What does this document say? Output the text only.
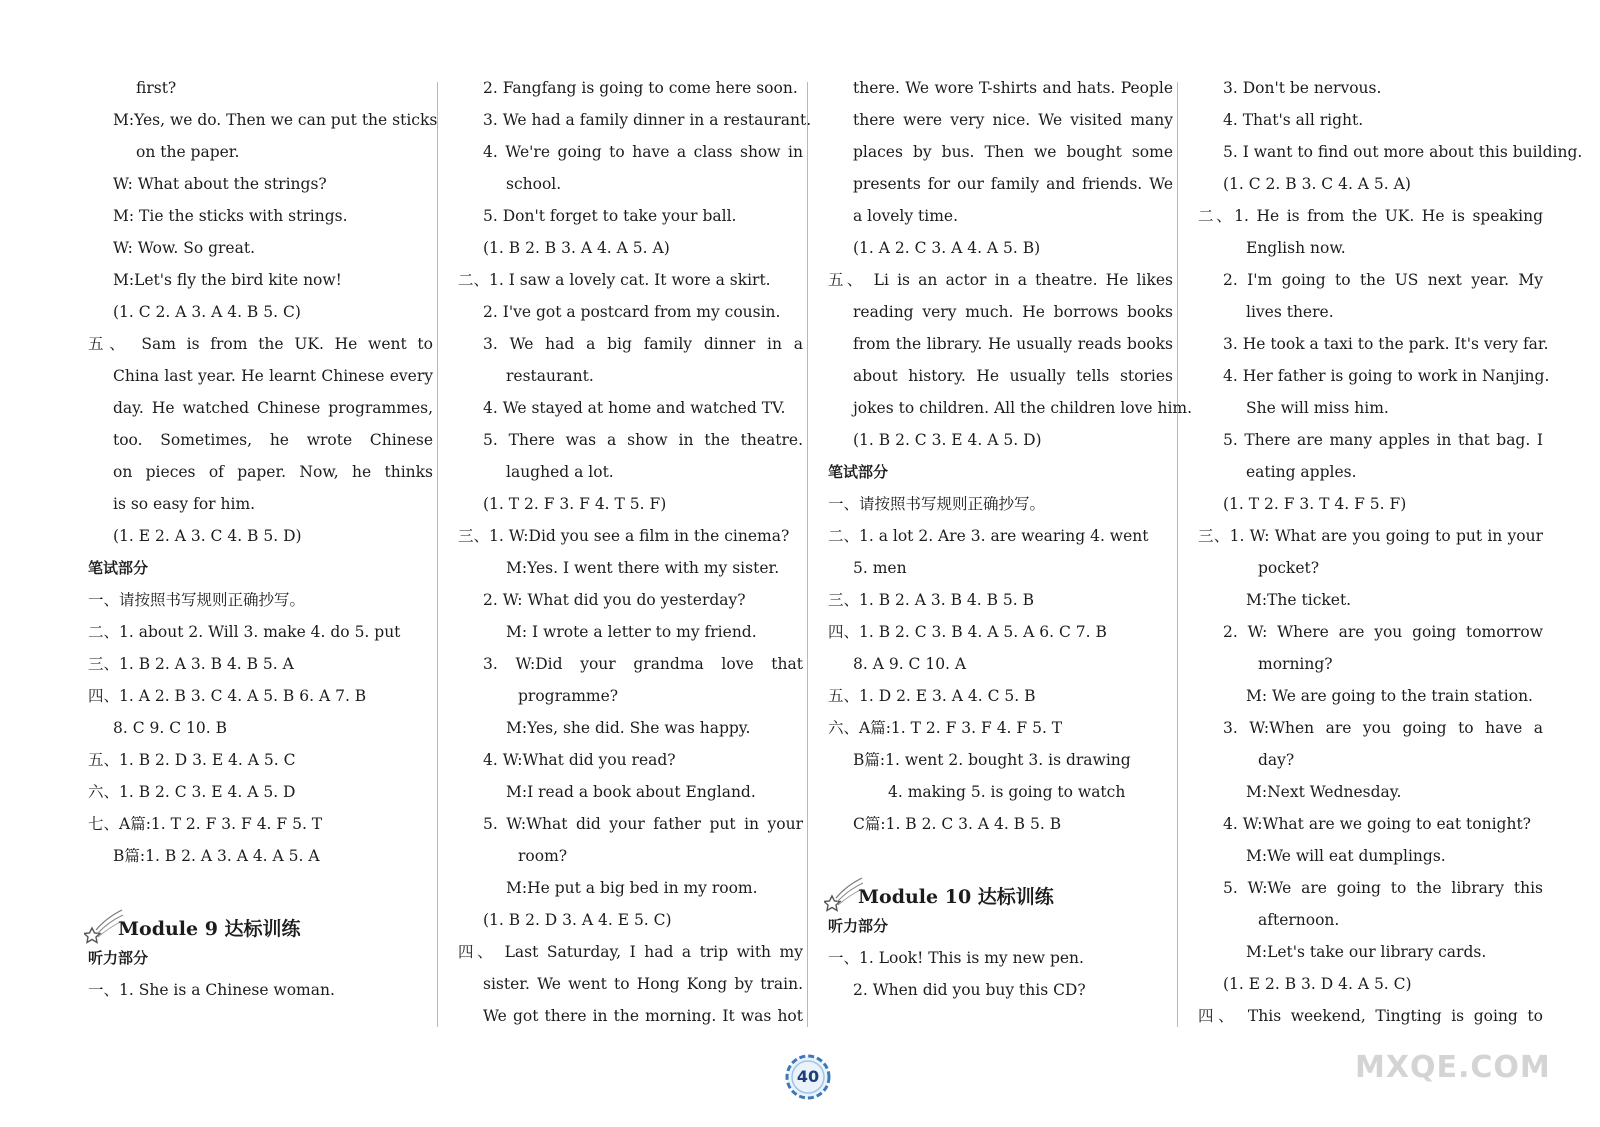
first?
M:Yes, we do. Then we can put the sticks
on the paper.
W: What about the strings?
M: Tie the sticks with strings.
W: Wow. So great.
M:Let's fly the bird kite now!
(1. C 2. A 3. A 4. B 5. C)
五、 Sam is from the UK. He went to
China last year. He learnt Chinese every
day. He watched Chinese programmes,
too. Sometimes, he wrote Chinese
on pieces of paper. Now, he thinks
is so easy for him.
(1. E 2. A 3. C 4. B 5. D)
笔试部分
一、请按照书写规则正确抄写。
二、1. about 2. Will 3. make 4. do 5. put
三、1. B 2. A 3. B 4. B 5. A
四、1. A 2. B 3. C 4. A 5. B 6. A 7. B
8. C 9. C 10. B
五、1. B 2. D 3. E 4. A 5. C
六、1. B 2. C 3. E 4. A 5. D
七、A篇:1. T 2. F 3. F 4. F 5. T
B篇:1. B 2. A 3. A 4. A 5. A
Module 9 达标训练
听力部分
一、1. She is a Chinese woman.
2. Fangfang is going to come here soon.
3. We had a family dinner in a restaurant.
4. We're going to have a class show in
school.
5. Don't forget to take your ball.
(1. B 2. B 3. A 4. A 5. A)
二、1. I saw a lovely cat. It wore a skirt.
2. I've got a postcard from my cousin.
3. We had a big family dinner in a
restaurant.
4. We stayed at home and watched TV.
5. There was a show in the theatre.
laughed a lot.
(1. T 2. F 3. F 4. T 5. F)
三、1. W:Did you see a film in the cinema?
M:Yes. I went there with my sister.
2. W: What did you do yesterday?
M: I wrote a letter to my friend.
3. W:Did your grandma love that
programme?
M:Yes, she did. She was happy.
4. W:What did you read?
M:I read a book about England.
5. W:What did your father put in your
room?
M:He put a big bed in my room.
(1. B 2. D 3. A 4. E 5. C)
四、 Last Saturday, I had a trip with my
sister. We went to Hong Kong by train.
We got there in the morning. It was hot
there. We wore T-shirts and hats. People
there were very nice. We visited many
places by bus. Then we bought some
presents for our family and friends. We
a lovely time.
(1. A 2. C 3. A 4. A 5. B)
五、 Li is an actor in a theatre. He likes
reading very much. He borrows books
from the library. He usually reads books
about history. He usually tells stories
jokes to children. All the children love him.
(1. B 2. C 3. E 4. A 5. D)
笔试部分
一、请按照书写规则正确抄写。
二、1. a lot 2. Are 3. are wearing 4. went
5. men
三、1. B 2. A 3. B 4. B 5. B
四、1. B 2. C 3. B 4. A 5. A 6. C 7. B
8. A 9. C 10. A
五、1. D 2. E 3. A 4. C 5. B
六、A篇:1. T 2. F 3. F 4. F 5. T
B篇:1. went 2. bought 3. is drawing
4. making 5. is going to watch
C篇:1. B 2. C 3. A 4. B 5. B
Module 10 达标训练
听力部分
一、1. Look! This is my new pen.
2. When did you buy this CD?
3. Don't be nervous.
4. That's all right.
5. I want to find out more about this building.
(1. C 2. B 3. C 4. A 5. A)
二、1. He is from the UK. He is speaking
English now.
2. I'm going to the US next year. My
lives there.
3. He took a taxi to the park. It's very far.
4. Her father is going to work in Nanjing.
She will miss him.
5. There are many apples in that bag. I
eating apples.
(1. T 2. F 3. T 4. F 5. F)
三、1. W: What are you going to put in your
pocket?
M:The ticket.
2. W: Where are you going tomorrow
morning?
M: We are going to the train station.
3. W:When are you going to have a
day?
M:Next Wednesday.
4. W:What are we going to eat tonight?
M:We will eat dumplings.
5. W:We are going to the library this
afternoon.
M:Let's take our library cards.
(1. E 2. B 3. D 4. A 5. C)
四、 This weekend, Tingting is going to
40	MXQE.COM
